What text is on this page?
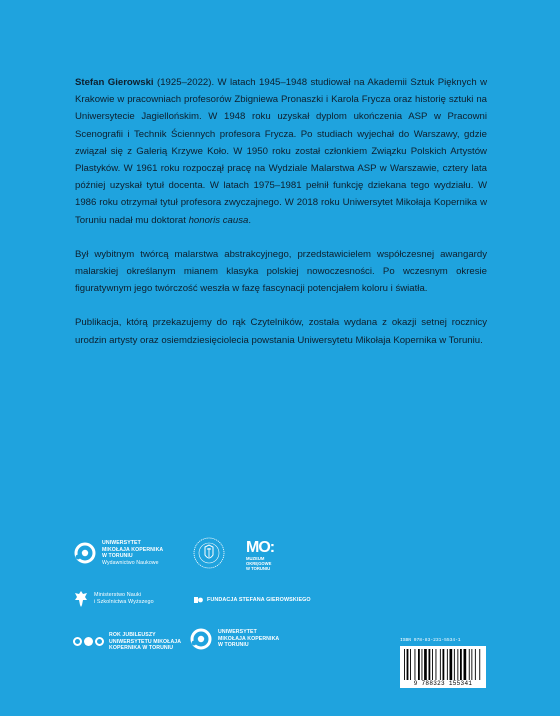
Stefan Gierowski (1925–2022). W latach 1945–1948 studiował na Akademii Sztuk Pięknych w Krakowie w pracowniach profesorów Zbigniewa Pronaszki i Karola Frycza oraz historię sztuki na Uniwersytecie Jagiellońskim. W 1948 roku uzyskał dyplom ukończenia ASP w Pracowni Scenografii i Technik Ściennych profesora Frycza. Po studiach wyjechał do Warszawy, gdzie związał się z Galerią Krzywe Koło. W 1950 roku został członkiem Związku Polskich Artystów Plastyków. W 1961 roku rozpoczął pracę na Wydziale Malarstwa ASP w Warszawie, cztery lata później uzyskał tytuł docenta. W latach 1975–1981 pełnił funkcję dziekana tego wydziału. W 1986 roku otrzymał tytuł profesora zwyczajnego. W 2018 roku Uniwersytet Mikołaja Kopernika w Toruniu nadał mu doktorat honoris causa.

Był wybitnym twórcą malarstwa abstrakcyjnego, przedstawicielem współczesnej awangardy malarskiej określanym mianem klasyka polskiej nowoczesności. Po wczesnym okresie figuratywnym jego twórczość weszła w fazę fascynacji potencjałem koloru i światła.

Publikacja, którą przekazujemy do rąk Czytelników, została wydana z okazji setnej rocznicy urodzin artysty oraz osiemdziesięciolecia powstania Uniwersytetu Mikołaja Kopernika w Toruniu.

UNIWERSYTET
MIKOŁAJA KOPERNIKA
W TORUNIU
Wydawnictwo Naukowe
MO:
MUZEUM
OKRĘGOWE
W TORUNIU
Ministerstwo Nauki
i Szkolnictwa Wyższego	FUNDACJA STEFANA GIEROWSKIEGO
ROK JUBILEUSZY
UNIWERSYTETU MIKOŁAJA
KOPERNIKA W TORUNIU
UNIWERSYTET
MIKOŁAJA KOPERNIKA
W TORUNIU
ISBN 978-83-231-5534-1
9 788323 155341
